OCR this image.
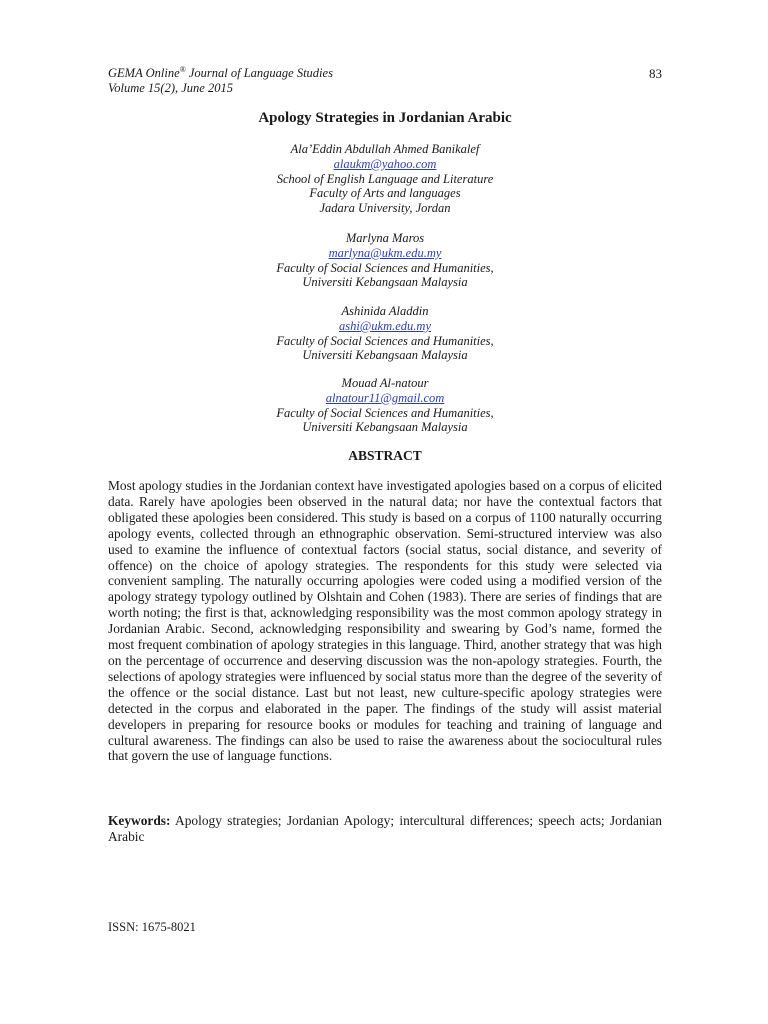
GEMA Online® Journal of Language Studies
Volume 15(2), June 2015
83
Apology Strategies in Jordanian Arabic
Ala’Eddin Abdullah Ahmed Banikalef
alaukm@yahoo.com
School of English Language and Literature
Faculty of Arts and languages
Jadara University, Jordan
Marlyna Maros
marlyna@ukm.edu.my
Faculty of Social Sciences and Humanities,
Universiti Kebangsaan Malaysia
Ashinida Aladdin
ashi@ukm.edu.my
Faculty of Social Sciences and Humanities,
Universiti Kebangsaan Malaysia
Mouad Al-natour
alnatour11@gmail.com
Faculty of Social Sciences and Humanities,
Universiti Kebangsaan Malaysia
ABSTRACT
Most apology studies in the Jordanian context have investigated apologies based on a corpus of elicited data. Rarely have apologies been observed in the natural data; nor have the contextual factors that obligated these apologies been considered. This study is based on a corpus of 1100 naturally occurring apology events, collected through an ethnographic observation. Semi-structured interview was also used to examine the influence of contextual factors (social status, social distance, and severity of offence) on the choice of apology strategies. The respondents for this study were selected via convenient sampling. The naturally occurring apologies were coded using a modified version of the apology strategy typology outlined by Olshtain and Cohen (1983). There are series of findings that are worth noting; the first is that, acknowledging responsibility was the most common apology strategy in Jordanian Arabic. Second, acknowledging responsibility and swearing by God’s name, formed the most frequent combination of apology strategies in this language. Third, another strategy that was high on the percentage of occurrence and deserving discussion was the non-apology strategies. Fourth, the selections of apology strategies were influenced by social status more than the degree of the severity of the offence or the social distance. Last but not least, new culture-specific apology strategies were detected in the corpus and elaborated in the paper. The findings of the study will assist material developers in preparing for resource books or modules for teaching and training of language and cultural awareness. The findings can also be used to raise the awareness about the sociocultural rules that govern the use of language functions.
Keywords: Apology strategies; Jordanian Apology; intercultural differences; speech acts; Jordanian Arabic
ISSN: 1675-8021
